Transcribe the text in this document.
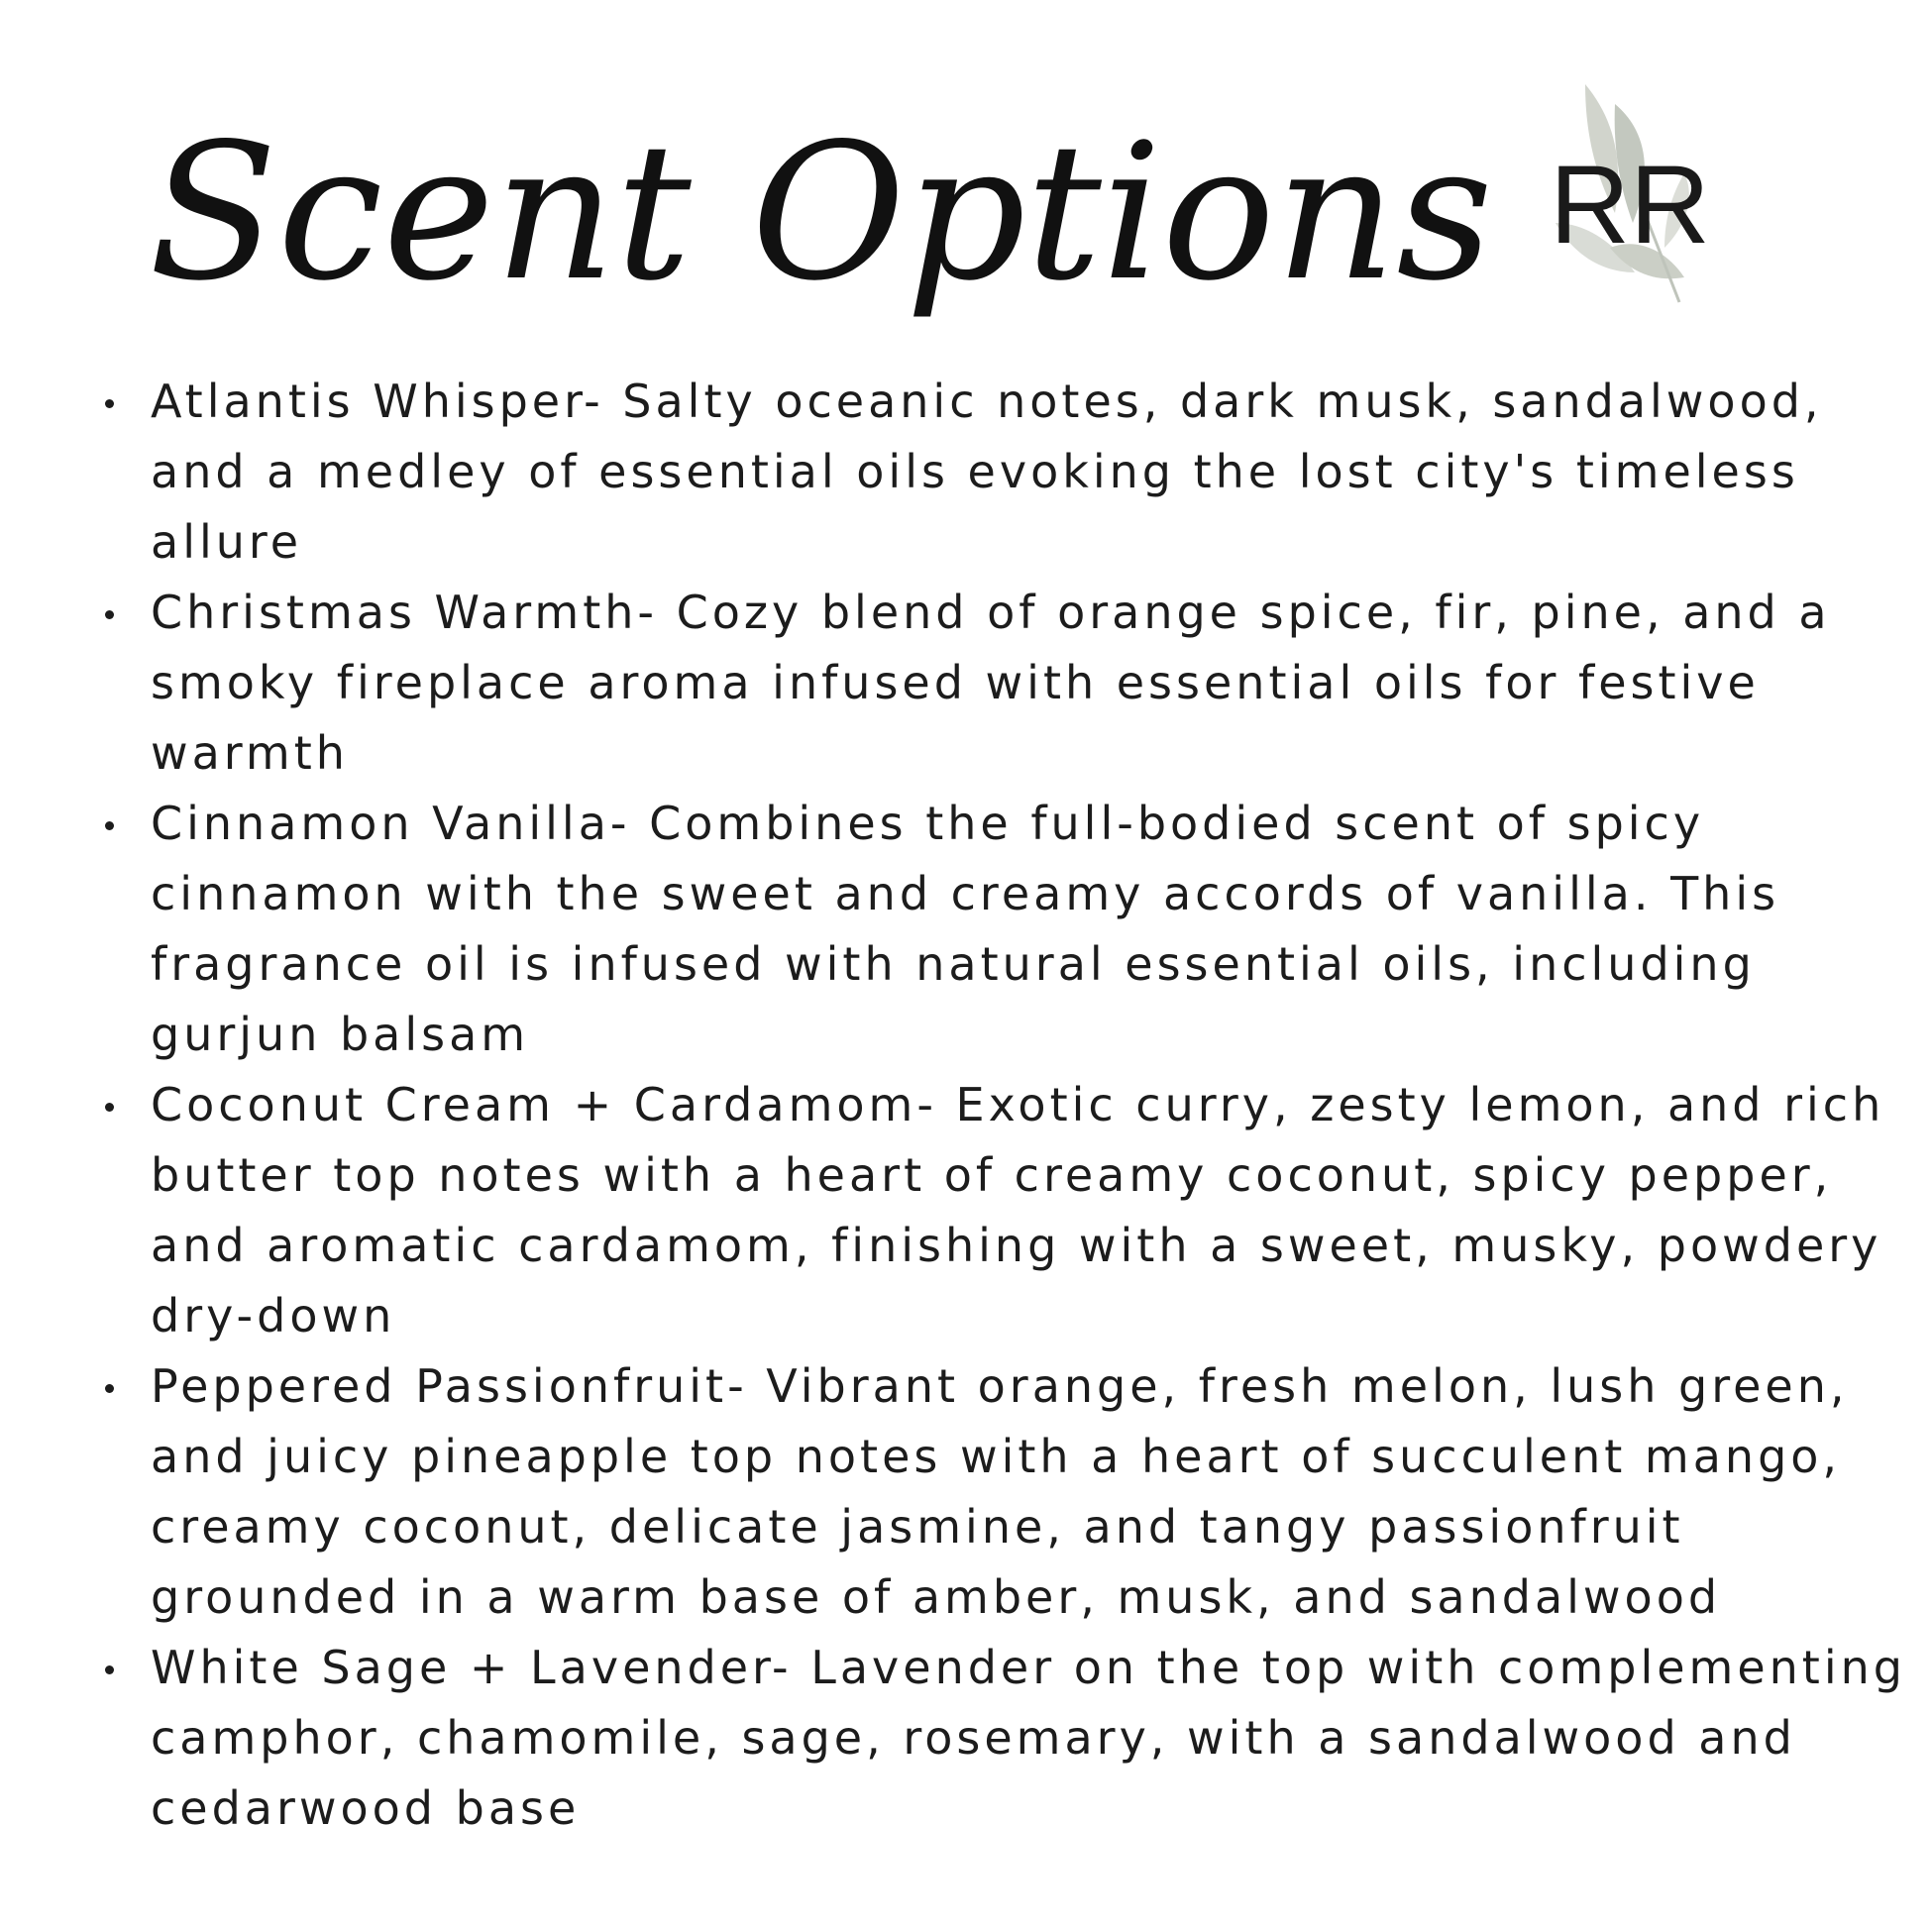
Scent Options RR
Atlantis Whisper- Salty oceanic notes, dark musk, sandalwood, and a medley of essential oils evoking the lost city's timeless allure
Christmas Warmth- Cozy blend of orange spice, fir, pine, and a smoky fireplace aroma infused with essential oils for festive warmth
Cinnamon Vanilla- Combines the full-bodied scent of spicy cinnamon with the sweet and creamy accords of vanilla. This fragrance oil is infused with natural essential oils, including gurjun balsam
Coconut Cream + Cardamom- Exotic curry, zesty lemon, and rich butter top notes with a heart of creamy coconut, spicy pepper, and aromatic cardamom, finishing with a sweet, musky, powdery dry-down
Peppered Passionfruit- Vibrant orange, fresh melon, lush green, and juicy pineapple top notes with a heart of succulent mango, creamy coconut, delicate jasmine, and tangy passionfruit grounded in a warm base of amber, musk, and sandalwood
White Sage + Lavender- Lavender on the top with complementing camphor, chamomile, sage, rosemary, with a sandalwood and cedarwood base
